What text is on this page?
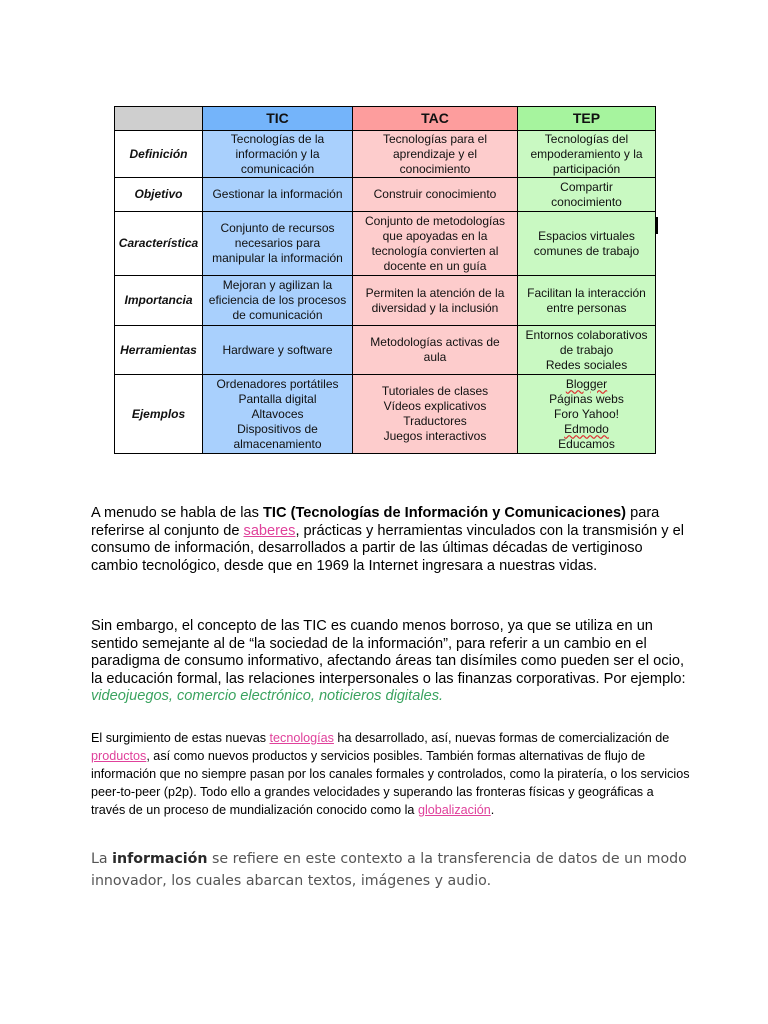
	TIC	TAC	TEP
Definición	Tecnologías de la
información y la
comunicación	Tecnologías para el
aprendizaje y el
conocimiento	Tecnologías del
empoderamiento y la
participación

Objetivo	Gestionar la información	Construir conocimiento	Compartir
conocimiento

Característica	Conjunto de recursos
necesarios para
manipular la información	Conjunto de metodologías
que apoyadas en la
tecnología convierten al
docente en un guía	Espacios virtuales
comunes de trabajo

Importancia	Mejoran y agilizan la
eficiencia de los procesos
de comunicación	Permiten la atención de la
diversidad y la inclusión	Facilitan la interacción
entre personas

Herramientas	Hardware y software	Metodologías activas de
aula	Entornos colaborativos
de trabajo
Redes sociales

Ejemplos	Ordenadores portátiles
Pantalla digital
Altavoces
Dispositivos de
almacenamiento	Tutoriales de clases
Vídeos explicativos
Traductores
Juegos interactivos	Blogger
Páginas webs
Foro Yahoo!
Edmodo
Educamos

A menudo se habla de las TIC (Tecnologías de Información y Comunicaciones) para referirse al conjunto de saberes, prácticas y herramientas vinculados con la transmisión y el consumo de información, desarrollados a partir de las últimas décadas de vertiginoso cambio tecnológico, desde que en 1969 la Internet ingresara a nuestras vidas.

Sin embargo, el concepto de las TIC es cuando menos borroso, ya que se utiliza en un sentido semejante al de “la sociedad de la información”, para referir a un cambio en el paradigma de consumo informativo, afectando áreas tan disímiles como pueden ser el ocio, la educación formal, las relaciones interpersonales o las finanzas corporativas. Por ejemplo: videojuegos, comercio electrónico, noticieros digitales.

El surgimiento de estas nuevas tecnologías ha desarrollado, así, nuevas formas de comercialización de productos, así como nuevos productos y servicios posibles. También formas alternativas de flujo de información que no siempre pasan por los canales formales y controlados, como la piratería, o los servicios peer-to-peer (p2p). Todo ello a grandes velocidades y superando las fronteras físicas y geográficas a través de un proceso de mundialización conocido como la globalización.

La información se refiere en este contexto a la transferencia de datos de un modo innovador, los cuales abarcan textos, imágenes y audio.
